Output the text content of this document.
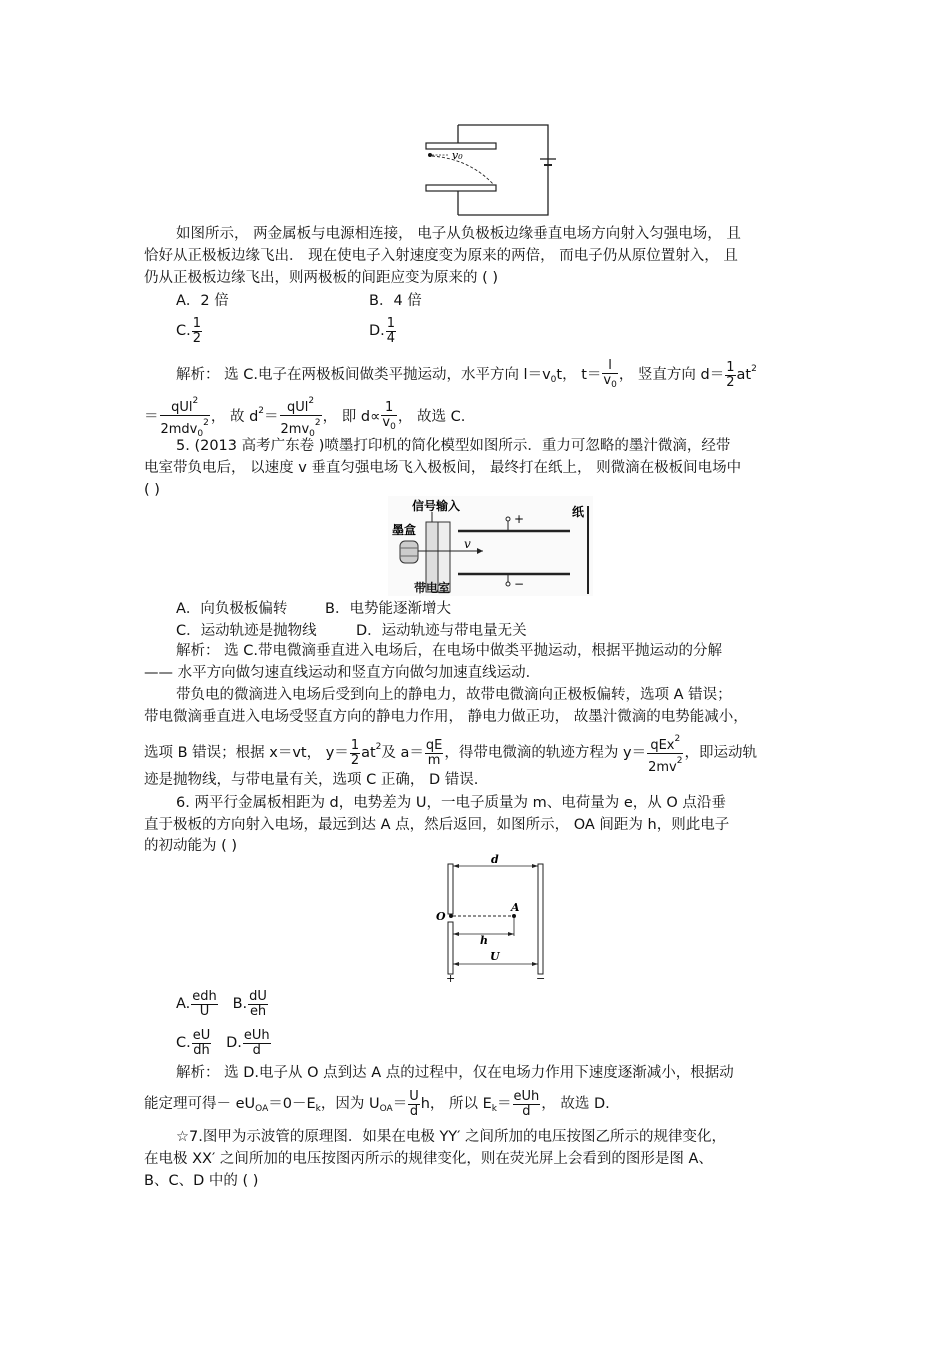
v₀
如图所示， 两金属板与电源相连接， 电子从负极板边缘垂直电场方向射入匀强电场， 且
恰好从正极板边缘飞出． 现在使电子入射速度变为原来的两倍， 而电子仍从原位置射入， 且
仍从正极板边缘飞出，则两极板的间距应变为原来的 ( )
A．2 倍	B．4 倍
C. $\frac{1}{2}$	D. $\frac{1}{4}$
解析： 选 C.电子在两极板间做类平抛运动，水平方向 $l=v_0t$， $t= \frac{l}{v_0}$ ， 竖直方向 $d= \frac{1}{2} at^2$
＝ $\frac{qUl^2}{2mdv_0^2}$ ， 故 $d^2= \frac{qUl^2}{2mv_0^2}$ ， 即 $d\propto \frac{1}{v_0}$ ， 故选 C.
5. (2013 高考广东卷 )喷墨打印机的简化模型如图所示．重力可忽略的墨汁微滴，经带
电室带负电后， 以速度 v 垂直匀强电场飞入极板间， 最终打在纸上， 则微滴在极板间电场中
( )
信号输入
墨盒
v
+
−
纸
带电室
A．向负极板偏转	B．电势能逐渐增大
C．运动轨迹是抛物线	D．运动轨迹与带电量无关
解析： 选 C.带电微滴垂直进入电场后，在电场中做类平抛运动，根据平抛运动的分解
—— 水平方向做匀速直线运动和竖直方向做匀加速直线运动．
带负电的微滴进入电场后受到向上的静电力，故带电微滴向正极板偏转，选项 A 错误；
带电微滴垂直进入电场受竖直方向的静电力作用， 静电力做正功， 故墨汁微滴的电势能减小，
选项 B 错误；根据 x＝vt， $y= \frac{1}{2} at^2$及 $a= \frac{qE}{m}$ ，得带电微滴的轨迹方程为 $y= \frac{qEx^2}{2mv^2}$ ，即运动轨
迹是抛物线，与带电量有关，选项 C 正确， D 错误.
6. 两平行金属板相距为 d，电势差为 U，一电子质量为 m、电荷量为 e，从 O 点沿垂
直于极板的方向射入电场，最远到达 A 点，然后返回，如图所示， OA 间距为 h，则此电子
的初动能为 ( )
d
O
A
h
U
+	−
A. $\frac{\text{edh}}{U} B$. $\frac{dU}{eh}$
C. $\frac{eU}{dh} D$. $\frac{\text{eUh}}{d}$
解析： 选 D.电子从 O 点到达 A 点的过程中，仅在电场力作用下速度逐渐减小，根据动
能定理可得－ $eU_{OA}=0-E_k$，因为 $U_{OA}= \frac{U}{d}$ h， 所以 $E_k= \frac{\text{eUh}}{d}$ ， 故选 D.
☆7.图甲为示波管的原理图．如果在电极 YY′ 之间所加的电压按图乙所示的规律变化，
在电极 XX′ 之间所加的电压按图丙所示的规律变化，则在荧光屏上会看到的图形是图 A、
B、C、D 中的 ( )
